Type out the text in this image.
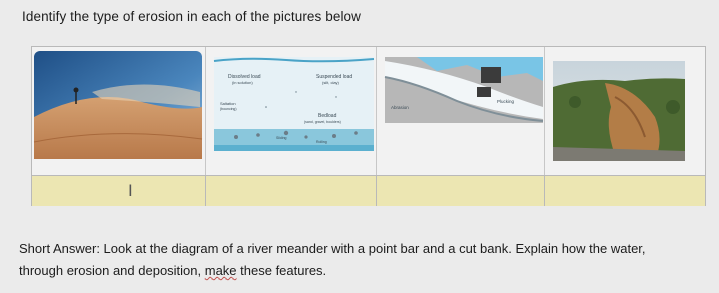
Identify the type of erosion in each of the pictures below
Dissolved load
(in solution)
Suspended load
(silt, clay)
Saltation
(bouncing)
Bedload
(sand, gravel, boulders)
Sliding
Rolling
Plucking
Abrasion
I
Short Answer: Look at the diagram of a river meander with a point bar and a cut bank. Explain how the water,
through erosion and deposition, make these features.
